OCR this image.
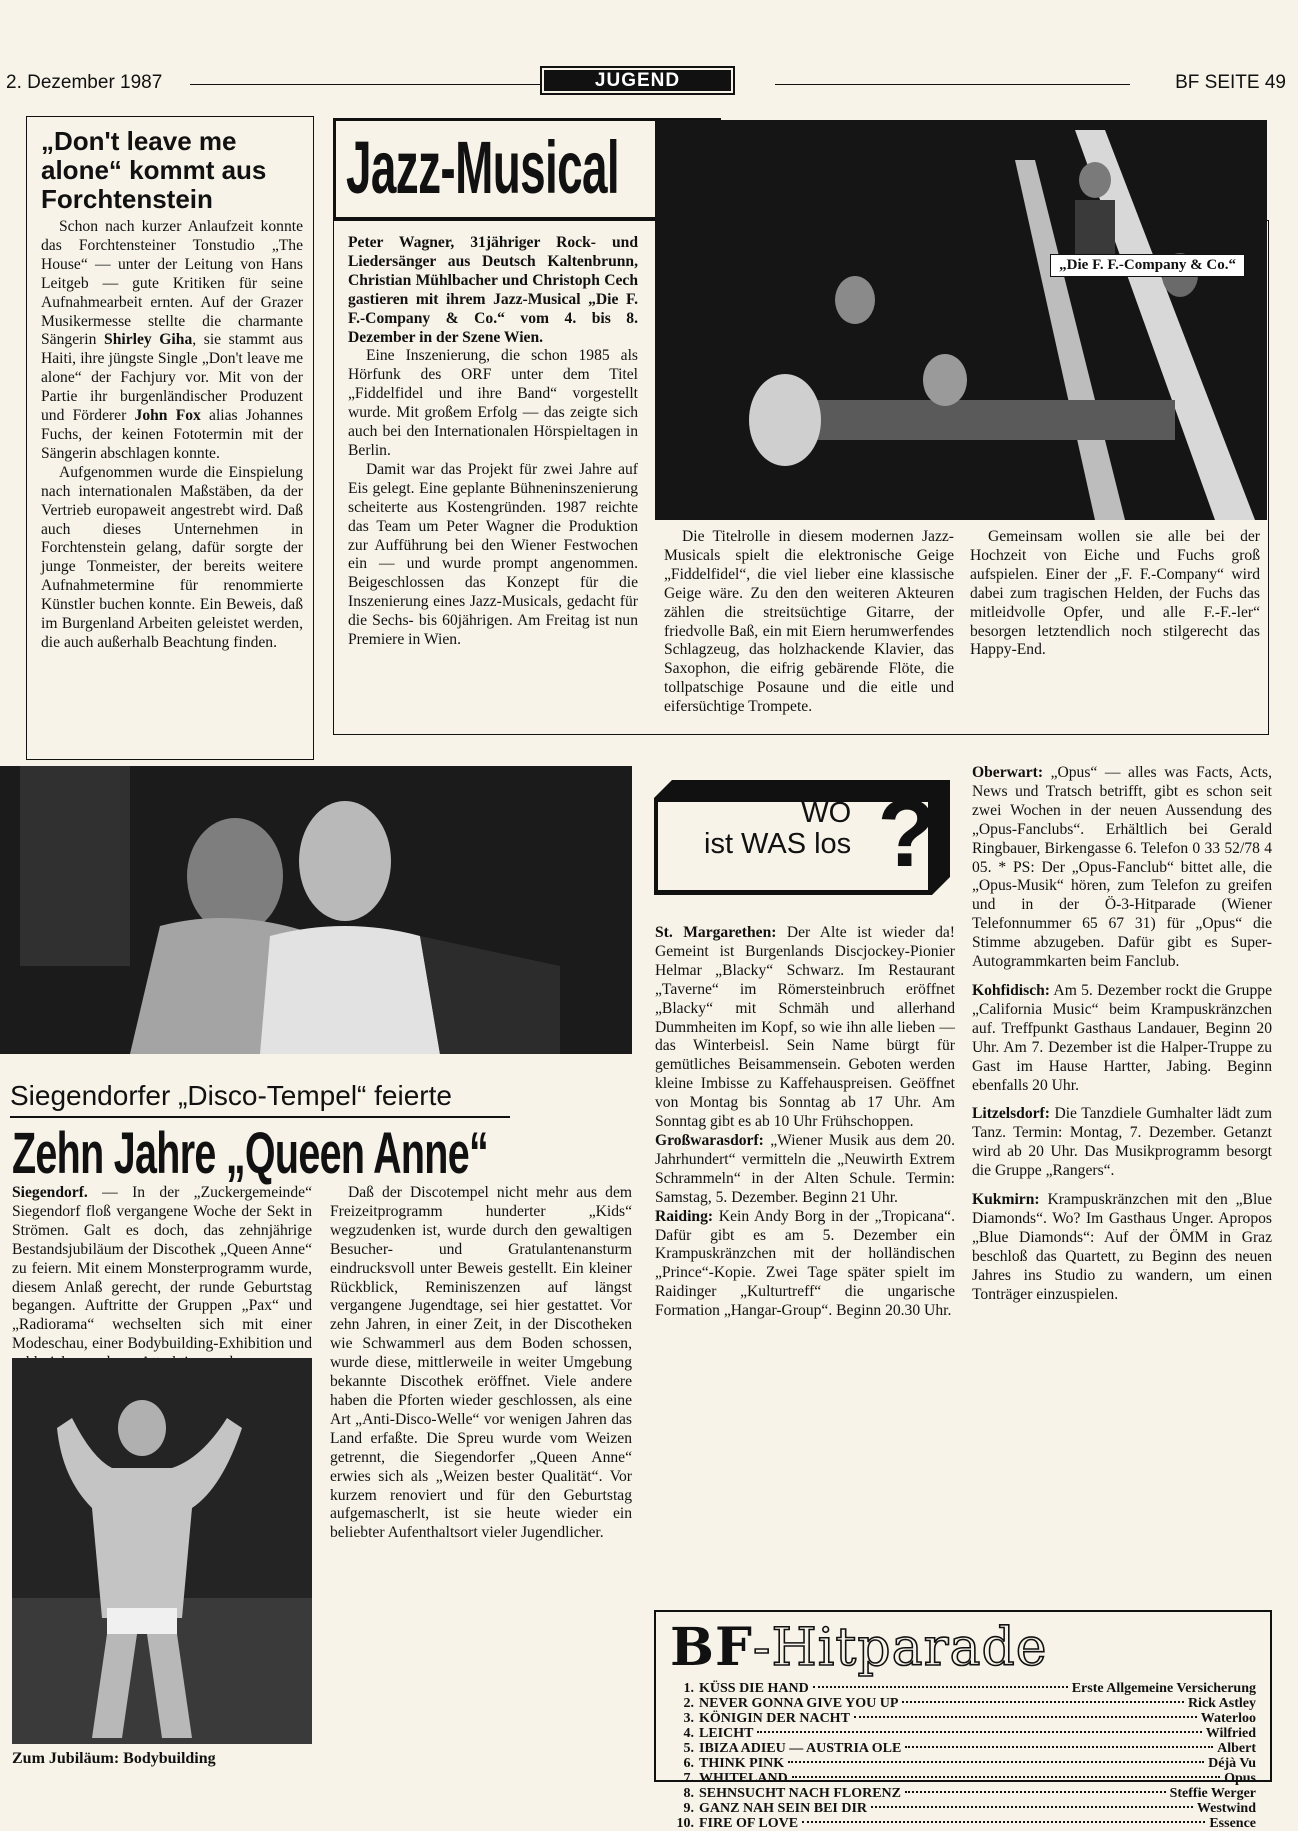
2. Dezember 1987	JUGEND	BF SEITE 49
„Don't leave me alone“ kommt aus Forchtenstein

Schon nach kurzer Anlaufzeit konnte das Forchtensteiner Tonstudio „The House“ — unter der Leitung von Hans Leitgeb — gute Kritiken für seine Aufnahmearbeit ernten. Auf der Grazer Musikermesse stellte die charmante Sängerin Shirley Giha, sie stammt aus Haiti, ihre jüngste Single „Don't leave me alone“ der Fachjury vor. Mit von der Partie ihr burgenländischer Produzent und Förderer John Fox alias Johannes Fuchs, der keinen Fototermin mit der Sängerin abschlagen konnte.

Aufgenommen wurde die Einspielung nach internationalen Maßstäben, da der Vertrieb europaweit angestrebt wird. Daß auch dieses Unternehmen in Forchtenstein gelang, dafür sorgte der junge Tonmeister, der bereits weitere Aufnahmetermine für renommierte Künstler buchen konnte. Ein Beweis, daß im Burgenland Arbeiten geleistet werden, die auch außerhalb Beachtung finden.

Jazz-Musical

Peter Wagner, 31jähriger Rock- und Liedersänger aus Deutsch Kaltenbrunn, Christian Mühlbacher und Christoph Cech gastieren mit ihrem Jazz-Musical „Die F. F.-Company & Co.“ vom 4. bis 8. Dezember in der Szene Wien.

Eine Inszenierung, die schon 1985 als Hörfunk des ORF unter dem Titel „Fiddelfidel und ihre Band“ vorgestellt wurde. Mit großem Erfolg — das zeigte sich auch bei den Internationalen Hörspieltagen in Berlin.

Damit war das Projekt für zwei Jahre auf Eis gelegt. Eine geplante Bühneninszenierung scheiterte aus Kostengründen. 1987 reichte das Team um Peter Wagner die Produktion zur Aufführung bei den Wiener Festwochen ein — und wurde prompt angenommen. Beigeschlossen das Konzept für die Inszenierung eines Jazz-Musicals, gedacht für die Sechs- bis 60jährigen. Am Freitag ist nun Premiere in Wien.

„Die F. F.-Company & Co.“

Die Titelrolle in diesem modernen Jazz-Musicals spielt die elektronische Geige „Fiddelfidel“, die viel lieber eine klassische Geige wäre. Zu den den weiteren Akteuren zählen die streitsüchtige Gitarre, der friedvolle Baß, ein mit Eiern herumwerfendes Schlagzeug, das holzhackende Klavier, das Saxophon, die eifrig gebärende Flöte, die tollpatschige Posaune und die eitle und eifersüchtige Trompete.

Gemeinsam wollen sie alle bei der Hochzeit von Eiche und Fuchs groß aufspielen. Einer der „F. F.-Company“ wird dabei zum tragischen Helden, der Fuchs das mitleidvolle Opfer, und alle F.-F.-ler“ besorgen letztendlich noch stilgerecht das Happy-End.

Siegendorfer „Disco-Tempel“ feierte
Zehn Jahre „Queen Anne“

Siegendorf. — In der „Zuckergemeinde“ Siegendorf floß vergangene Woche der Sekt in Strömen. Galt es doch, das zehnjährige Bestandsjubiläum der Discothek „Queen Anne“ zu feiern. Mit einem Monsterprogramm wurde, diesem Anlaß gerecht, der runde Geburtstag begangen. Auftritte der Gruppen „Pax“ und „Radiorama“ wechselten sich mit einer Modeschau, einer Bodybuilding-Exhibition und

Daß der Discotempel nicht mehr aus dem Freizeitprogramm hunderter „Kids“ wegzudenken ist, wurde durch den gewaltigen Besucher- und Gratulantenansturm eindrucksvoll unter Beweis gestellt. Ein kleiner Rückblick, Reminiszenzen auf längst vergangene Jugendtage, sei hier gestattet. Vor zehn Jahren, in einer Zeit, in der Discotheken wie Schwammerl aus dem Boden schossen, wurde diese, mittlerweile in weiter Umgebung bekannte Discothek eröffnet. Viele andere haben die Pforten wieder geschlossen, als eine Art „Anti-Disco-Welle“ vor wenigen Jahren das Land erfaßte. Die Spreu wurde vom Weizen getrennt, die Siegendorfer „Queen Anne“ erwies sich als „Weizen bester Qualität“. Vor kurzem renoviert und für den Geburtstag aufgemascherlt, ist sie heute wieder ein beliebter Aufenthaltsort vieler Jugendlicher.

Zum Jubiläum: Bodybuilding
WO
ist WAS los ?

St. Margarethen: Der Alte ist wieder da! Gemeint ist Burgenlands Discjockey-Pionier Helmar „Blacky“ Schwarz. Im Restaurant „Taverne“ im Römersteinbruch eröffnet „Blacky“ mit Schmäh und allerhand Dummheiten im Kopf, so wie ihn alle lieben — das Winterbeisl. Sein Name bürgt für gemütliches Beisammensein. Geboten werden kleine Imbisse zu Kaffehauspreisen. Geöffnet von Montag bis Sonntag ab 17 Uhr. Am Sonntag gibt es ab 10 Uhr Frühschoppen.

Großwarasdorf: „Wiener Musik aus dem 20. Jahrhundert“ vermitteln die „Neuwirth Extrem Schrammeln“ in der Alten Schule. Termin: Samstag, 5. Dezember. Beginn 21 Uhr.

Raiding: Kein Andy Borg in der „Tropicana“. Dafür gibt es am 5. Dezember ein Krampuskränzchen mit der holländischen „Prince“-Kopie. Zwei Tage später spielt im Raidinger „Kulturtreff“ die ungarische Formation „Hangar-Group“. Beginn 20.30 Uhr.

Oberwart: „Opus“ — alles was Facts, Acts, News und Tratsch betrifft, gibt es schon seit zwei Wochen in der neuen Aussendung des „Opus-Fanclubs“. Erhältlich bei Gerald Ringbauer, Birkengasse 6. Telefon 0 33 52/78 4 05. * PS: Der „Opus-Fanclub“ bittet alle, die „Opus-Musik“ hören, zum Telefon zu greifen und in der Ö-3-Hitparade (Wiener Telefonnummer 65 67 31) für „Opus“ die Stimme abzugeben. Dafür gibt es Super-Autogrammkarten beim Fanclub.

Kohfidisch: Am 5. Dezember rockt die Gruppe „California Music“ beim Krampuskränzchen auf. Treffpunkt Gasthaus Landauer, Beginn 20 Uhr. Am 7. Dezember ist die Halper-Truppe zu Gast im Hause Hartter, Jabing. Beginn ebenfalls 20 Uhr.

Litzelsdorf: Die Tanzdiele Gumhalter lädt zum Tanz. Termin: Montag, 7. Dezember. Getanzt wird ab 20 Uhr. Das Musikprogramm besorgt die Gruppe „Rangers“.

Kukmirn: Krampuskränzchen mit den „Blue Diamonds“. Wo? Im Gasthaus Unger. Apropos „Blue Diamonds“: Auf der ÖMM in Graz beschloß das Quartett, zu Beginn des neuen Jahres ins Studio zu wandern, um einen Tonträger einzuspielen.

BF-Hitparade
1. KÜSS DIE HAND	Erste Allgemeine Versicherung
2. NEVER GONNA GIVE YOU UP	Rick Astley
3. KÖNIGIN DER NACHT	Waterloo
4. LEICHT	Wilfried
5. IBIZA ADIEU — AUSTRIA OLE	Albert
6. THINK PINK	Déjà Vu
7. WHITELAND	Opus
8. SEHNSUCHT NACH FLORENZ	Steffie Werger
9. GANZ NAH SEIN BEI DIR	Westwind
10. FIRE OF LOVE	Essence
